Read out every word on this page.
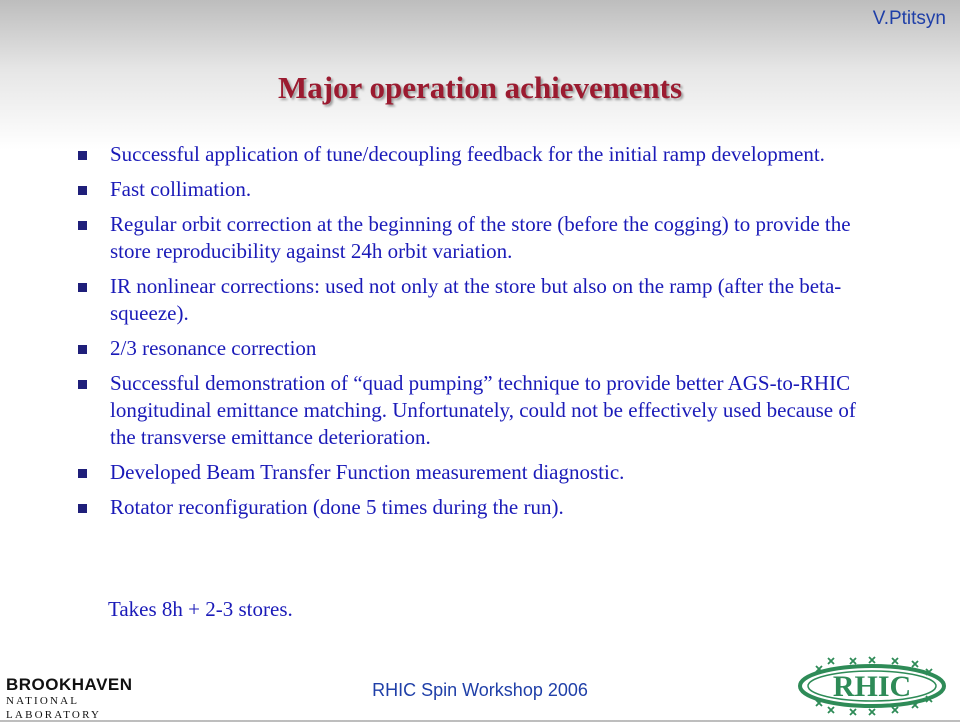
V.Ptitsyn
Major operation achievements
Successful application of tune/decoupling feedback for the initial ramp development.
Fast collimation.
Regular orbit correction at the beginning of the store (before the cogging) to provide the store reproducibility against 24h orbit variation.
IR nonlinear corrections: used not only at the store but also on the ramp (after the beta-squeeze).
2/3 resonance correction
Successful demonstration of “quad pumping” technique to provide better AGS-to-RHIC longitudinal emittance matching. Unfortunately, could not be effectively used because of the transverse emittance deterioration.
Developed Beam Transfer Function measurement diagnostic.
Rotator reconfiguration (done 5 times during the run).
Takes 8h + 2-3 stores.
BROOKHAVEN
NATIONAL LABORATORY
RHIC Spin Workshop 2006	RHIC
